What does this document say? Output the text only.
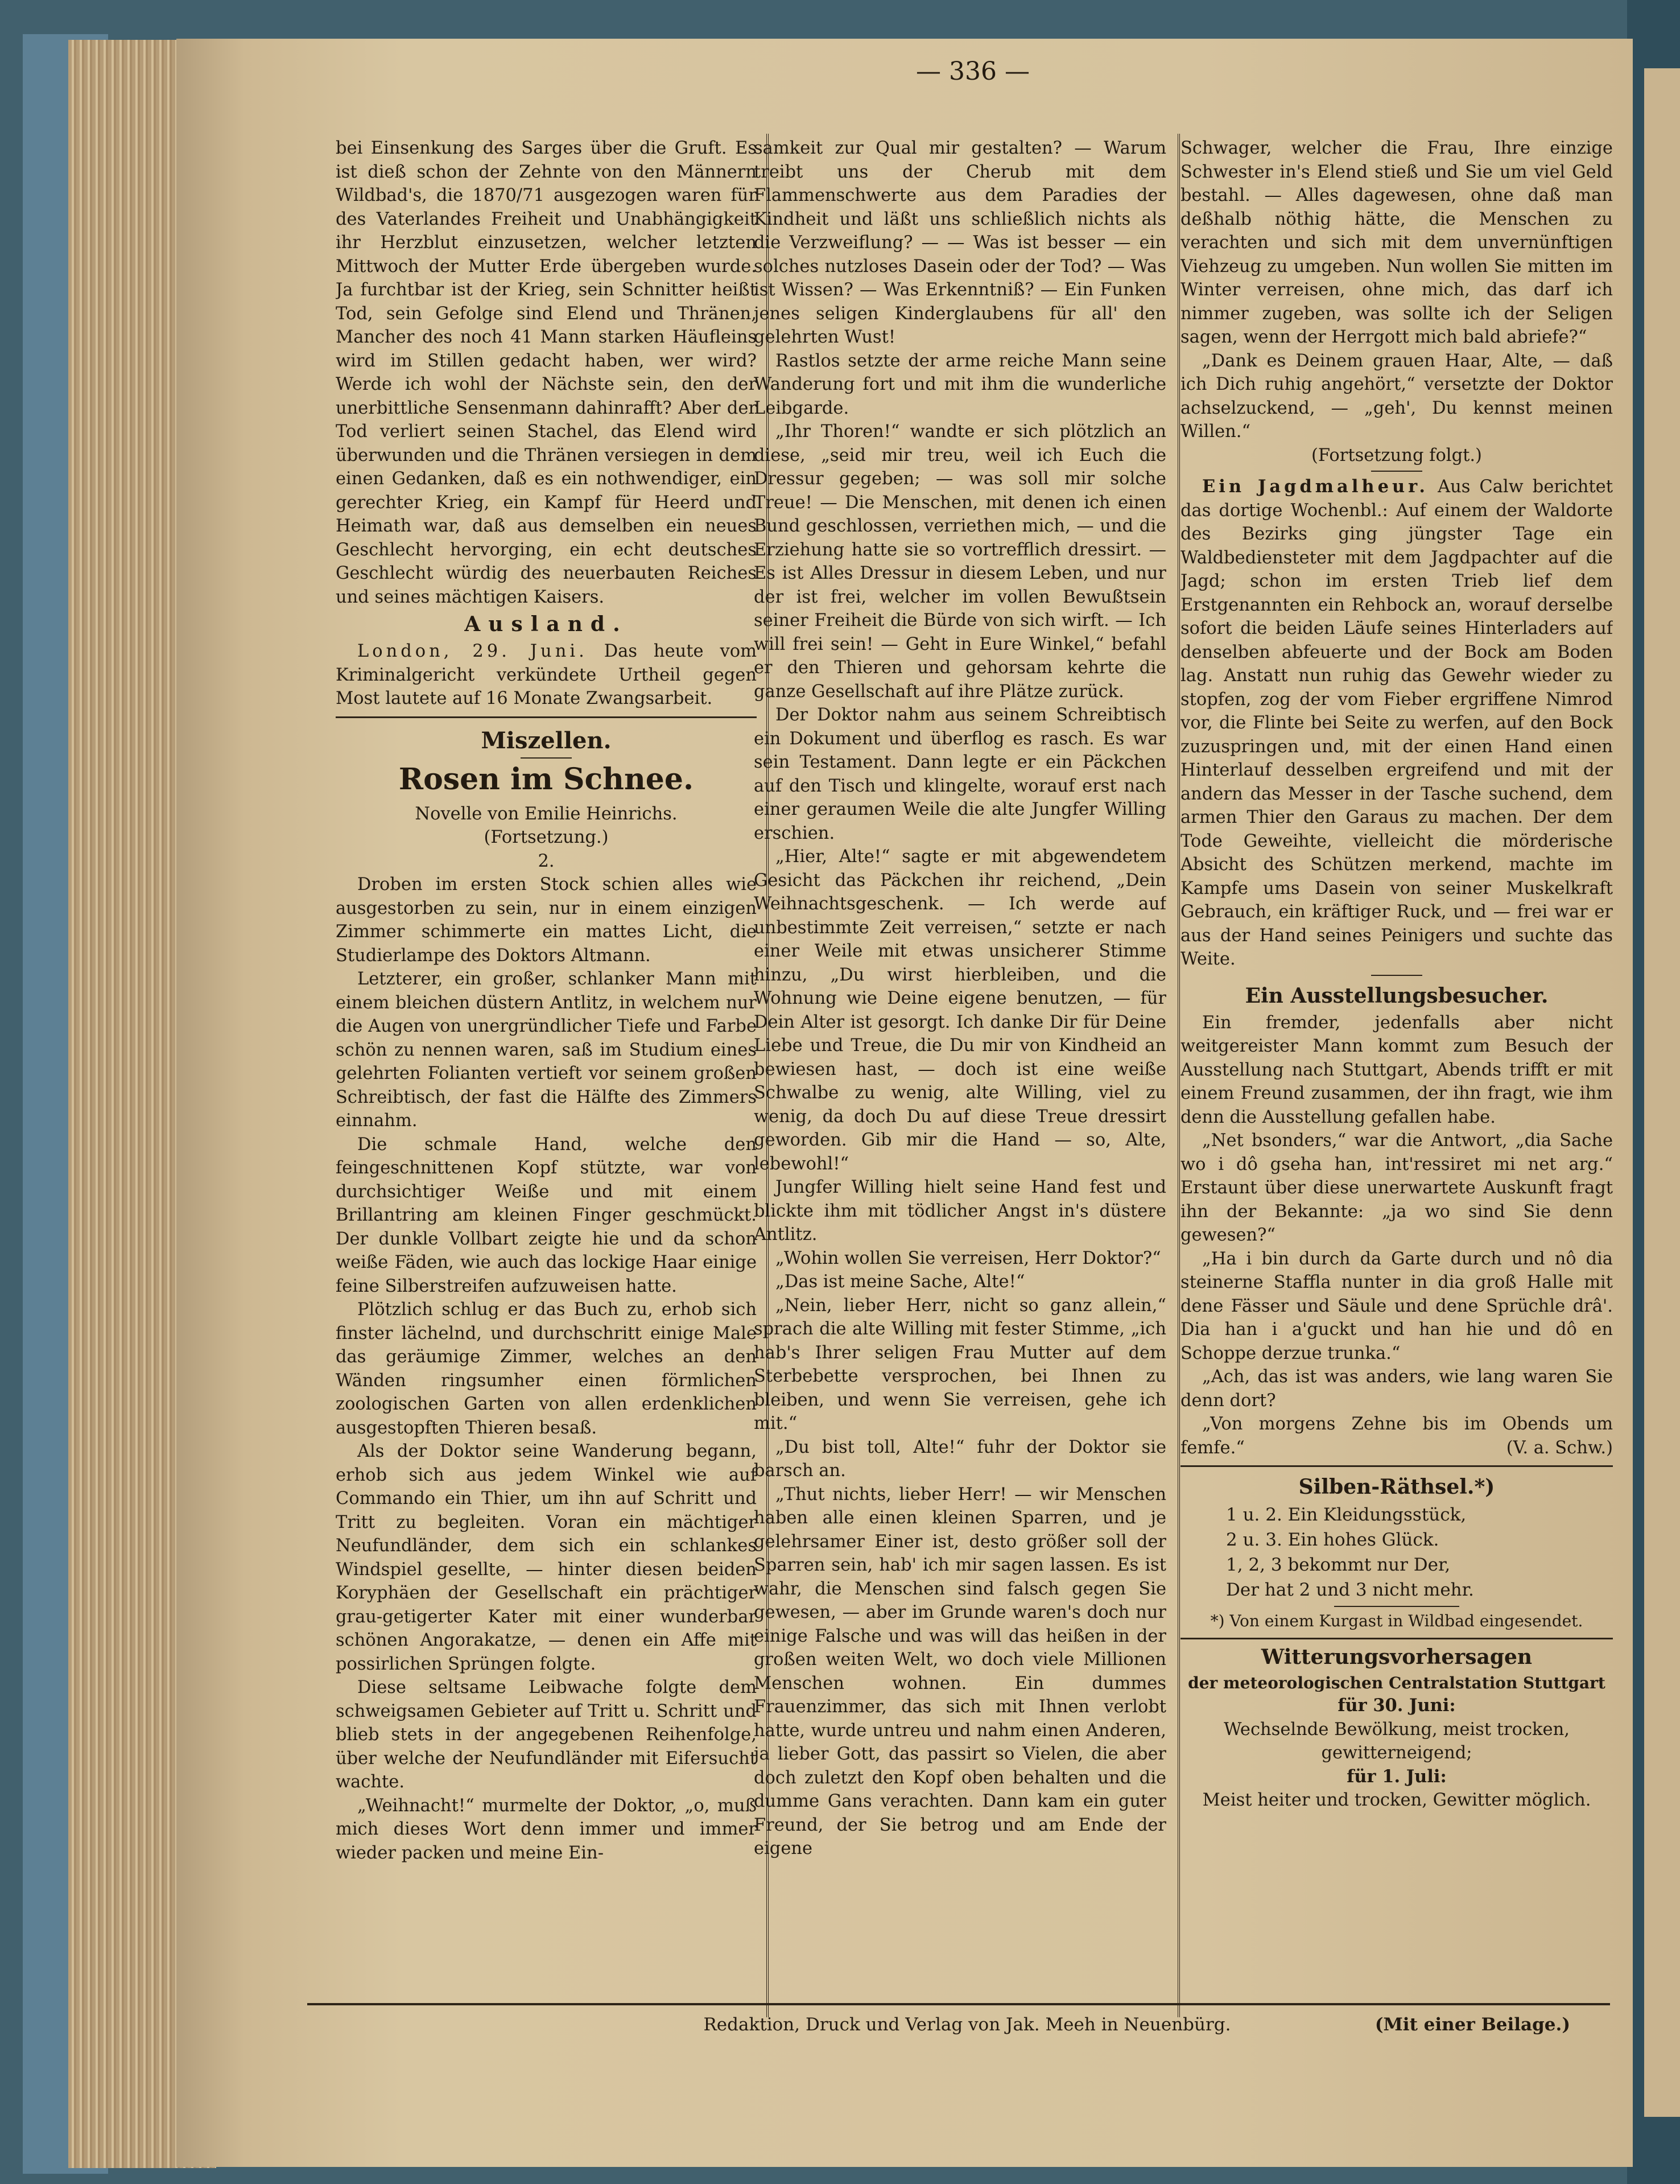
— 336 —

bei Einsenkung des Sarges über die Gruft. Es ist dieß schon der Zehnte von den Männern Wildbad's, die 1870/71 ausgezogen waren für des Vaterlandes Freiheit und Unabhängigkeit ihr Herzblut einzusetzen, welcher letzten Mittwoch der Mutter Erde übergeben wurde. Ja furchtbar ist der Krieg, sein Schnitter heißt Tod, sein Gefolge sind Elend und Thränen, Mancher des noch 41 Mann starken Häufleins wird im Stillen gedacht haben, wer wird? Werde ich wohl der Nächste sein, den der unerbittliche Sensenmann dahinrafft? Aber der Tod verliert seinen Stachel, das Elend wird überwunden und die Thränen versiegen in dem einen Gedanken, daß es ein nothwendiger, ein gerechter Krieg, ein Kampf für Heerd und Heimath war, daß aus demselben ein neues Geschlecht hervorging, ein echt deutsches Geschlecht würdig des neuerbauten Reiches und seines mächtigen Kaisers.

Ausland.

London, 29. Juni. Das heute vom Kriminalgericht verkündete Urtheil gegen Most lautete auf 16 Monate Zwangsarbeit.

Miszellen.
Rosen im Schnee.

Novelle von Emilie Heinrichs.

(Fortsetzung.)

2.

Droben im ersten Stock schien alles wie ausgestorben zu sein, nur in einem einzigen Zimmer schimmerte ein mattes Licht, die Studierlampe des Doktors Altmann.

Letzterer, ein großer, schlanker Mann mit einem bleichen düstern Antlitz, in welchem nur die Augen von unergründlicher Tiefe und Farbe schön zu nennen waren, saß im Studium eines gelehrten Folianten vertieft vor seinem großen Schreibtisch, der fast die Hälfte des Zimmers einnahm.

Die schmale Hand, welche den feingeschnittenen Kopf stützte, war von durchsichtiger Weiße und mit einem Brillantring am kleinen Finger geschmückt. Der dunkle Vollbart zeigte hie und da schon weiße Fäden, wie auch das lockige Haar einige feine Silberstreifen aufzuweisen hatte.

Plötzlich schlug er das Buch zu, erhob sich finster lächelnd, und durchschritt einige Male das geräumige Zimmer, welches an den Wänden ringsumher einen förmlichen zoologischen Garten von allen erdenklichen ausgestopften Thieren besaß.

Als der Doktor seine Wanderung begann, erhob sich aus jedem Winkel wie auf Commando ein Thier, um ihn auf Schritt und Tritt zu begleiten. Voran ein mächtiger Neufundländer, dem sich ein schlankes Windspiel gesellte, — hinter diesen beiden Koryphäen der Gesellschaft ein prächtiger grau-getigerter Kater mit einer wunderbar schönen Angorakatze, — denen ein Affe mit possirlichen Sprüngen folgte.

Diese seltsame Leibwache folgte dem schweigsamen Gebieter auf Tritt u. Schritt und blieb stets in der angegebenen Reihenfolge, über welche der Neufundländer mit Eifersucht wachte.

„Weihnacht!“ murmelte der Doktor, „o, muß mich dieses Wort denn immer und immer wieder packen und meine Ein-

samkeit zur Qual mir gestalten? — Warum treibt uns der Cherub mit dem Flammenschwerte aus dem Paradies der Kindheit und läßt uns schließlich nichts als die Verzweiflung? — — Was ist besser — ein solches nutzloses Dasein oder der Tod? — Was ist Wissen? — Was Erkenntniß? — Ein Funken jenes seligen Kinderglaubens für all' den gelehrten Wust!

Rastlos setzte der arme reiche Mann seine Wanderung fort und mit ihm die wunderliche Leibgarde.

„Ihr Thoren!“ wandte er sich plötzlich an diese, „seid mir treu, weil ich Euch die Dressur gegeben; — was soll mir solche Treue! — Die Menschen, mit denen ich einen Bund geschlossen, verriethen mich, — und die Erziehung hatte sie so vortrefflich dressirt. — Es ist Alles Dressur in diesem Leben, und nur der ist frei, welcher im vollen Bewußtsein seiner Freiheit die Bürde von sich wirft. — Ich will frei sein! — Geht in Eure Winkel,“ befahl er den Thieren und gehorsam kehrte die ganze Gesellschaft auf ihre Plätze zurück.

Der Doktor nahm aus seinem Schreibtisch ein Dokument und überflog es rasch. Es war sein Testament. Dann legte er ein Päckchen auf den Tisch und klingelte, worauf erst nach einer geraumen Weile die alte Jungfer Willing erschien.

„Hier, Alte!“ sagte er mit abgewendetem Gesicht das Päckchen ihr reichend, „Dein Weihnachtsgeschenk. — Ich werde auf unbestimmte Zeit verreisen,“ setzte er nach einer Weile mit etwas unsicherer Stimme hinzu, „Du wirst hierbleiben, und die Wohnung wie Deine eigene benutzen, — für Dein Alter ist gesorgt. Ich danke Dir für Deine Liebe und Treue, die Du mir von Kindheid an bewiesen hast, — doch ist eine weiße Schwalbe zu wenig, alte Willing, viel zu wenig, da doch Du auf diese Treue dressirt geworden. Gib mir die Hand — so, Alte, lebewohl!“

Jungfer Willing hielt seine Hand fest und blickte ihm mit tödlicher Angst in's düstere Antlitz.

„Wohin wollen Sie verreisen, Herr Doktor?“

„Das ist meine Sache, Alte!“

„Nein, lieber Herr, nicht so ganz allein,“ sprach die alte Willing mit fester Stimme, „ich hab's Ihrer seligen Frau Mutter auf dem Sterbebette versprochen, bei Ihnen zu bleiben, und wenn Sie verreisen, gehe ich mit.“

„Du bist toll, Alte!“ fuhr der Doktor sie barsch an.

„Thut nichts, lieber Herr! — wir Menschen haben alle einen kleinen Sparren, und je gelehrsamer Einer ist, desto größer soll der Sparren sein, hab' ich mir sagen lassen. Es ist wahr, die Menschen sind falsch gegen Sie gewesen, — aber im Grunde waren's doch nur einige Falsche und was will das heißen in der großen weiten Welt, wo doch viele Millionen Menschen wohnen. Ein dummes Frauenzimmer, das sich mit Ihnen verlobt hatte, wurde untreu und nahm einen Anderen, ja lieber Gott, das passirt so Vielen, die aber doch zuletzt den Kopf oben behalten und die dumme Gans verachten. Dann kam ein guter Freund, der Sie betrog und am Ende der eigene

Schwager, welcher die Frau, Ihre einzige Schwester in's Elend stieß und Sie um viel Geld bestahl. — Alles dagewesen, ohne daß man deßhalb nöthig hätte, die Menschen zu verachten und sich mit dem unvernünftigen Viehzeug zu umgeben. Nun wollen Sie mitten im Winter verreisen, ohne mich, das darf ich nimmer zugeben, was sollte ich der Seligen sagen, wenn der Herrgott mich bald abriefe?“

„Dank es Deinem grauen Haar, Alte, — daß ich Dich ruhig angehört,“ versetzte der Doktor achselzuckend, — „geh', Du kennst meinen Willen.“

(Fortsetzung folgt.)

Ein Jagdmalheur. Aus Calw berichtet das dortige Wochenbl.: Auf einem der Waldorte des Bezirks ging jüngster Tage ein Waldbediensteter mit dem Jagdpachter auf die Jagd; schon im ersten Trieb lief dem Erstgenannten ein Rehbock an, worauf derselbe sofort die beiden Läufe seines Hinterladers auf denselben abfeuerte und der Bock am Boden lag. Anstatt nun ruhig das Gewehr wieder zu stopfen, zog der vom Fieber ergriffene Nimrod vor, die Flinte bei Seite zu werfen, auf den Bock zuzuspringen und, mit der einen Hand einen Hinterlauf desselben ergreifend und mit der andern das Messer in der Tasche suchend, dem armen Thier den Garaus zu machen. Der dem Tode Geweihte, vielleicht die mörderische Absicht des Schützen merkend, machte im Kampfe ums Dasein von seiner Muskelkraft Gebrauch, ein kräftiger Ruck, und — frei war er aus der Hand seines Peinigers und suchte das Weite.

Ein Ausstellungsbesucher.

Ein fremder, jedenfalls aber nicht weitgereister Mann kommt zum Besuch der Ausstellung nach Stuttgart, Abends trifft er mit einem Freund zusammen, der ihn fragt, wie ihm denn die Ausstellung gefallen habe.

„Net bsonders,“ war die Antwort, „dia Sache wo i dô gseha han, int'ressiret mi net arg.“ Erstaunt über diese unerwartete Auskunft fragt ihn der Bekannte: „ja wo sind Sie denn gewesen?“

„Ha i bin durch da Garte durch und nô dia steinerne Staffla nunter in dia groß Halle mit dene Fässer und Säule und dene Sprüchle drâ'. Dia han i a'guckt und han hie und dô en Schoppe derzue trunka.“

„Ach, das ist was anders, wie lang waren Sie denn dort?

„Von morgens Zehne bis im Obends um femfe.“	(V. a. Schw.)

Silben-Räthsel.*)
1 u. 2. Ein Kleidungsstück,
2 u. 3. Ein hohes Glück.
1, 2, 3 bekommt nur Der,
Der hat 2 und 3 nicht mehr.

*) Von einem Kurgast in Wildbad eingesendet.

Witterungsvorhersagen

der meteorologischen Centralstation Stuttgart

für 30. Juni:

Wechselnde Bewölkung, meist trocken, gewitterneigend;

für 1. Juli:

Meist heiter und trocken, Gewitter möglich.

Redaktion, Druck und Verlag von Jak. Meeh in Neuenbürg.	(Mit einer Beilage.)
